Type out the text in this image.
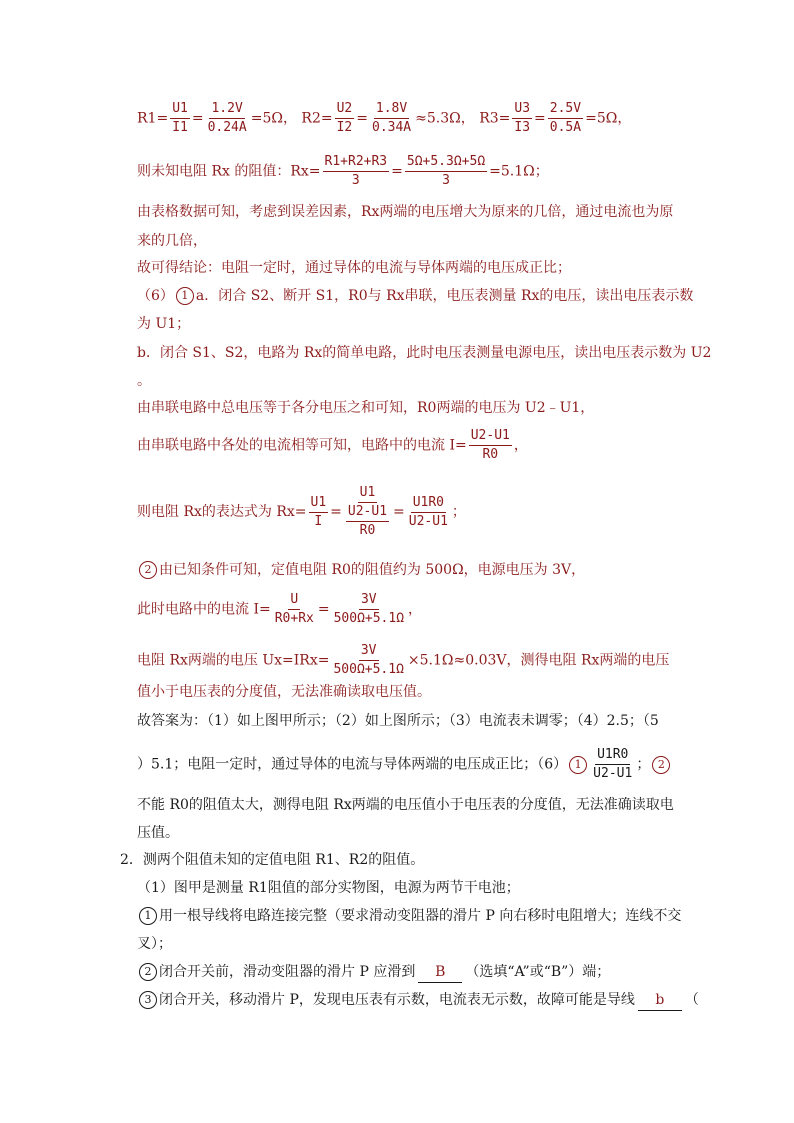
$R1= \frac{U1}{I1} = \frac{1.2V}{0.24A} =5\Omega$， $R2= \frac{U2}{I2} = \frac{1.8V}{0.34A} \approx 5.3\Omega$， $R3= \frac{U3}{I3} = \frac{2.5V}{0.5A} =5\Omega$，
则未知电阻 Rx 的阻值：$Rx= \frac{R1+R2+R3}{3} = \frac{5\Omega+5.3\Omega+5\Omega}{3} =5.1\Omega$；
由表格数据可知，考虑到误差因素，Rx两端的电压增大为原来的几倍，通过电流也为原
来的几倍，
故可得结论：电阻一定时，通过导体的电流与导体两端的电压成正比；
（6） 1 a．闭合 S2、断开 S1，R0与 Rx串联，电压表测量 Rx的电压，读出电压表示数
为 U1；
b．闭合 S1、S2，电路为 Rx的简单电路，此时电压表测量电源电压，读出电压表示数为 U2
。
由串联电路中总电压等于各分电压之和可知，R0两端的电压为 U2﹣U1，
由串联电路中各处的电流相等可知，电路中的电流 $I= \frac{U2-U1}{R0}$ ，
则电阻 Rx的表达式为 $Rx= \frac{U1}{I} = \frac{U1}{\frac{U2-U1}{R0}} = \frac{U1R0}{U2-U1}$ ；
2 由已知条件可知，定值电阻 R0的阻值约为 500Ω，电源电压为 3V，
此时电路中的电流 $I= \frac{U}{R0+Rx} = \frac{3V}{500\Omega+5.1\Omega}$ ，
电阻 Rx两端的电压 $Ux=IRx= \frac{3V}{500\Omega+5.1\Omega} \times 5.1\Omega\approx 0.03V$，测得电阻 Rx两端的电压
值小于电压表的分度值，无法准确读取电压值。
故答案为：（1）如上图甲所示；（2）如上图所示；（3）电流表未调零；（4）2.5；（5
）5.1；电阻一定时，通过导体的电流与导体两端的电压成正比；（6） $1 \frac{U1R0}{U2-U1}$ ； 2
不能 R0的阻值太大，测得电阻 Rx两端的电压值小于电压表的分度值，无法准确读取电
压值。
2．测两个阻值未知的定值电阻 R1、R2的阻值。
（1）图甲是测量 R1阻值的部分实物图，电源为两节干电池；
1 用一根导线将电路连接完整（要求滑动变阻器的滑片 P 向右移时电阻增大；连线不交
叉）；
2 闭合开关前，滑动变阻器的滑片 P 应滑到 B （选填“A”或“B”）端；
3 闭合开关，移动滑片 P，发现电压表有示数，电流表无示数，故障可能是导线 b （
